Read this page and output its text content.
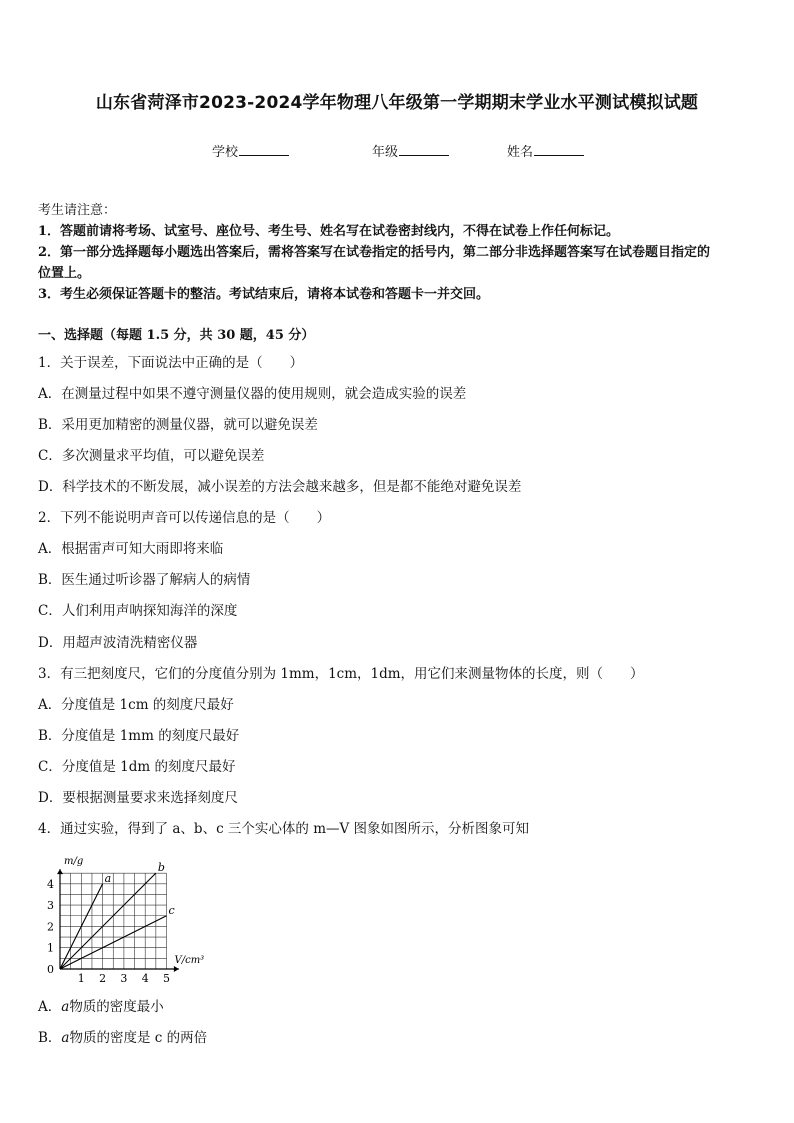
山东省菏泽市2023-2024学年物理八年级第一学期期末学业水平测试模拟试题
学校	年级	姓名
考生请注意：
1．答题前请将考场、试室号、座位号、考生号、姓名写在试卷密封线内，不得在试卷上作任何标记。
2．第一部分选择题每小题选出答案后，需将答案写在试卷指定的括号内，第二部分非选择题答案写在试卷题目指定的
位置上。
3．考生必须保证答题卡的整洁。考试结束后，请将本试卷和答题卡一并交回。
一、选择题（每题 1.5 分，共 30 题，45 分）
1．关于误差，下面说法中正确的是（　　）
A．在测量过程中如果不遵守测量仪器的使用规则，就会造成实验的误差
B．采用更加精密的测量仪器，就可以避免误差
C．多次测量求平均值，可以避免误差
D．科学技术的不断发展，减小误差的方法会越来越多，但是都不能绝对避免误差
2．下列不能说明声音可以传递信息的是（　　）
A．根据雷声可知大雨即将来临
B．医生通过听诊器了解病人的病情
C．人们利用声呐探知海洋的深度
D．用超声波清洗精密仪器
3．有三把刻度尺，它们的分度值分别为 1mm，1cm，1dm，用它们来测量物体的长度，则（　　）
A．分度值是 1cm 的刻度尺最好
B．分度值是 1mm 的刻度尺最好
C．分度值是 1dm 的刻度尺最好
D．要根据测量要求来选择刻度尺
4．通过实验，得到了 a、b、c 三个实心体的 m—V 图象如图所示，分析图象可知
a
b
c
1 2 3 4 5
0
1
2
3
4
m/g
V/cm³
A．a物质的密度最小
B．a物质的密度是 c 的两倍
